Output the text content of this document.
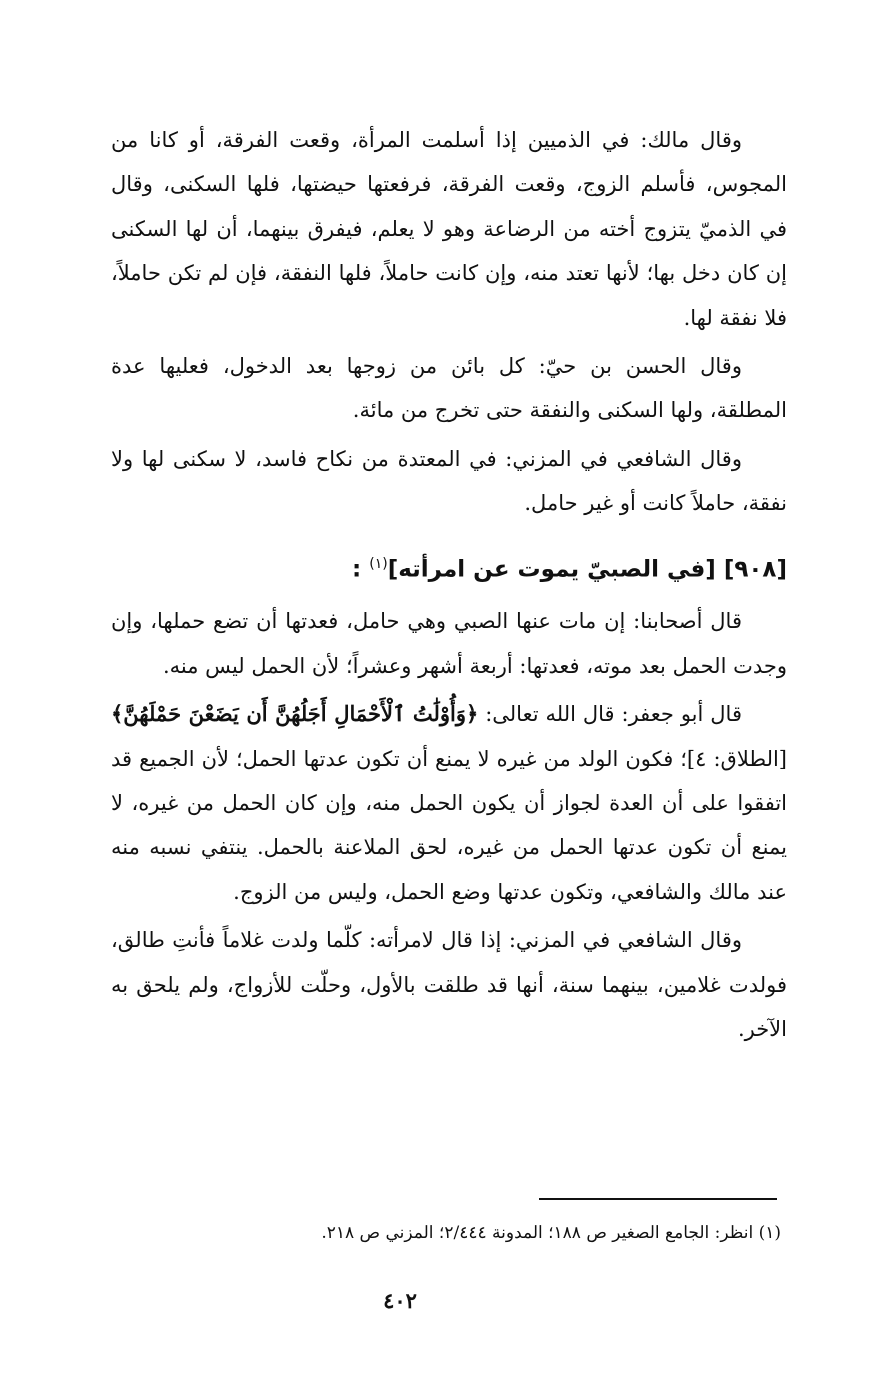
وقال مالك: في الذميين إذا أسلمت المرأة، وقعت الفرقة، أو كانا من المجوس، فأسلم الزوج، وقعت الفرقة، فرفعتها حيضتها، فلها السكنى، وقال في الذميّ يتزوج أخته من الرضاعة وهو لا يعلم، فيفرق بينهما، أن لها السكنى إن كان دخل بها؛ لأنها تعتد منه، وإن كانت حاملاً، فلها النفقة، فإن لم تكن حاملاً، فلا نفقة لها.

وقال الحسن بن حيّ: كل بائن من زوجها بعد الدخول، فعليها عدة المطلقة، ولها السكنى والنفقة حتى تخرج من مائة.

وقال الشافعي في المزني: في المعتدة من نكاح فاسد، لا سكنى لها ولا نفقة، حاملاً كانت أو غير حامل.

[٩٠٨] [في الصبيّ يموت عن امرأته]$^{(١)}$ :

قال أصحابنا: إن مات عنها الصبي وهي حامل، فعدتها أن تضع حملها، وإن وجدت الحمل بعد موته، فعدتها: أربعة أشهر وعشراً؛ لأن الحمل ليس منه.

قال أبو جعفر: قال الله تعالى: ﴿وَأُوْلَٰتُ ٱلْأَحْمَالِ أَجَلُهُنَّ أَن يَضَعْنَ حَمْلَهُنَّ﴾ [الطلاق: ٤]؛ فكون الولد من غيره لا يمنع أن تكون عدتها الحمل؛ لأن الجميع قد اتفقوا على أن العدة لجواز أن يكون الحمل منه، وإن كان الحمل من غيره، لا يمنع أن تكون عدتها الحمل من غيره، لحق الملاعنة بالحمل. ينتفي نسبه منه عند مالك والشافعي، وتكون عدتها وضع الحمل، وليس من الزوج.

وقال الشافعي في المزني: إذا قال لامرأته: كلّما ولدت غلاماً فأنتِ طالق، فولدت غلامين، بينهما سنة، أنها قد طلقت بالأول، وحلّت للأزواج، ولم يلحق به الآخر.

(١) انظر: الجامع الصغير ص ١٨٨؛ المدونة ٢/٤٤٤؛ المزني ص ٢١٨.
٤٠٢
